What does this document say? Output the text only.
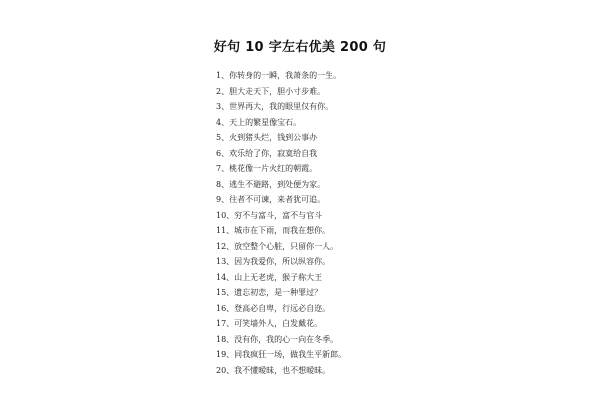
好句 10 字左右优美 200 句
1、你转身的一瞬，我萧条的一生。
2、胆大走天下，胆小寸步难。
3、世界再大，我的眼里仅有你。
4、天上的繁星像宝石。
5、火到猪头烂，钱到公事办
6、欢乐给了你，寂寞给自我
7、桃花像一片火红的朝霞。
8、逃生不避路，到处便为家。
9、往者不可谏，来者犹可追。
10、穷不与富斗，富不与官斗
11、城市在下雨，而我在想你。
12、放空整个心脏，只留你一人。
13、因为我爱你，所以纵容你。
14、山上无老虎，猴子称大王
15、遗忘初恋，是一种罪过？
16、登高必自卑，行远必自迩。
17、可笑墙外人，白发戴花。
18、没有你，我的心一向在冬季。
19、同我疯狂一场，做我生平新郎。
20、我不懂暧昧，也不想暧昧。
